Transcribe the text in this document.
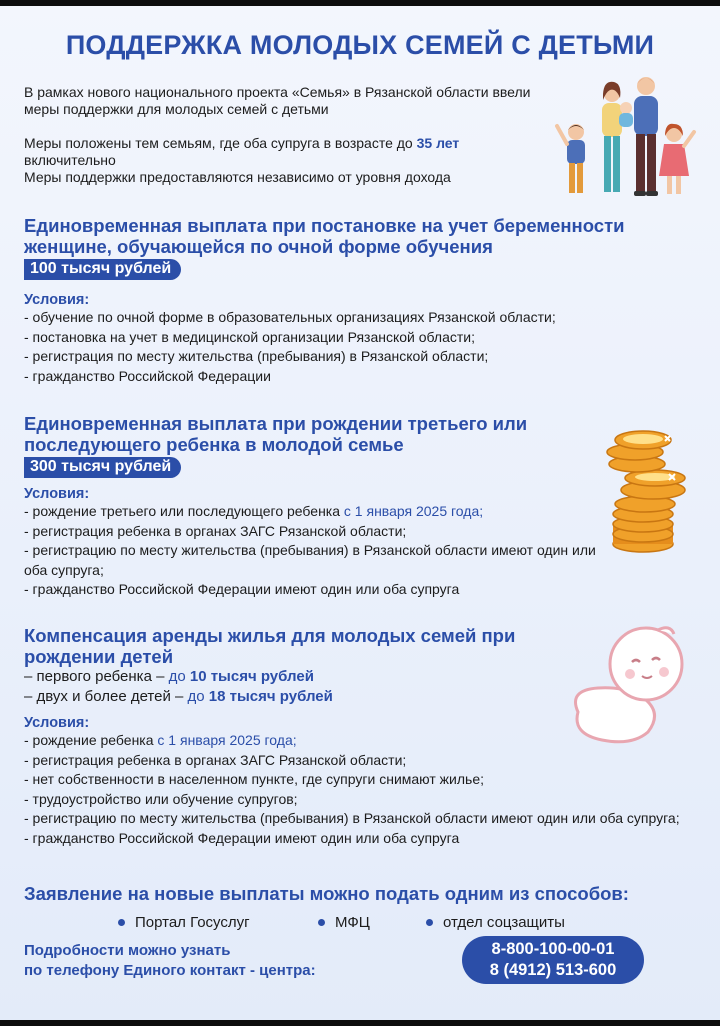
ПОДДЕРЖКА МОЛОДЫХ СЕМЕЙ С ДЕТЬМИ

В рамках нового национального проекта «Семья» в Рязанской области ввели меры поддержки для молодых семей с детьми

Меры положены тем семьям, где оба супруга в возрасте до 35 лет
включительно

Меры поддержки предоставляются независимо от уровня дохода

Единовременная выплата при постановке на учет беременности женщине, обучающейся по очной форме обучения
100 тысяч рублей
Условия:
- обучение по очной форме в образовательных организациях Рязанской области;
- постановка на учет в медицинской организации Рязанской области;
- регистрация по месту жительства (пребывания) в Рязанской области;
- гражданство Российской Федерации
Единовременная выплата при рождении третьего или последующего ребенка в молодой семье
300 тысяч рублей
Условия:
- рождение третьего или последующего ребенка с 1 января 2025 года;
- регистрация ребенка в органах ЗАГС Рязанской области;
- регистрацию по месту жительства (пребывания) в Рязанской области имеют один или оба супруга;
- гражданство Российской Федерации имеют один или оба супруга
Компенсация аренды жилья для молодых семей при рождении детей
– первого ребенка – до 10 тысяч рублей
– двух и более детей – до 18 тысяч рублей
Условия:
- рождение ребенка с 1 января 2025 года;
- регистрация ребенка в органах ЗАГС Рязанской области;
- нет собственности в населенном пункте, где супруги снимают жилье;
- трудоустройство или обучение супругов;
- регистрацию по месту жительства (пребывания) в Рязанской области имеют один или оба супруга;
- гражданство Российской Федерации имеют один или оба супруга
Заявление на новые выплаты можно подать одним из способов:
Портал Госуслуг	МФЦ	отдел соцзащиты
Подробности можно узнать
по телефону Единого контакт - центра:
8-800-100-00-01
8 (4912) 513-600
